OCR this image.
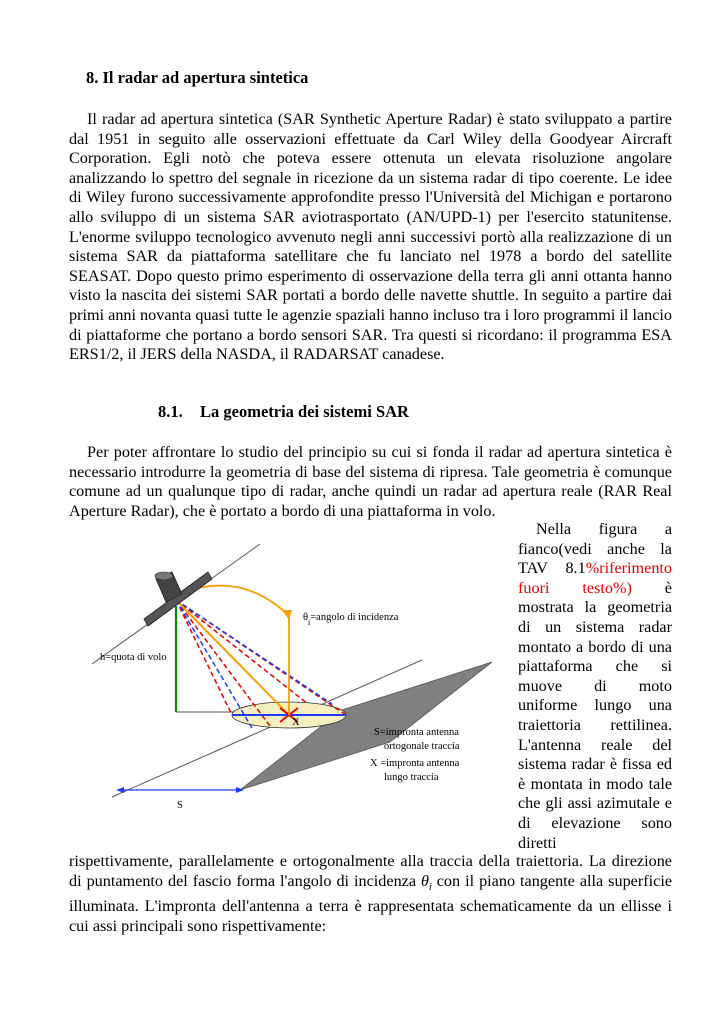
8. Il radar ad apertura sintetica

Il radar ad apertura sintetica (SAR Synthetic Aperture Radar) è stato sviluppato a partire dal 1951 in seguito alle osservazioni effettuate da Carl Wiley della Goodyear Aircraft Corporation. Egli notò che poteva essere ottenuta un elevata risoluzione angolare analizzando lo spettro del segnale in ricezione da un sistema radar di tipo coerente. Le idee di Wiley furono successivamente approfondite presso l'Università del Michigan e portarono allo sviluppo di un sistema SAR aviotrasportato (AN/UPD-1) per l'esercito statunitense. L'enorme sviluppo tecnologico avvenuto negli anni successivi portò alla realizzazione di un sistema SAR da piattaforma satellitare che fu lanciato nel 1978 a bordo del satellite SEASAT. Dopo questo primo esperimento di osservazione della terra gli anni ottanta hanno visto la nascita dei sistemi SAR portati a bordo delle navette shuttle. In seguito a partire dai primi anni novanta quasi tutte le agenzie spaziali hanno incluso tra i loro programmi il lancio di piattaforme che portano a bordo sensori SAR. Tra questi si ricordano: il programma ESA ERS1/2, il JERS della NASDA, il RADARSAT canadese.

8.1. La geometria dei sistemi SAR

Per poter affrontare lo studio del principio su cui si fonda il radar ad apertura sintetica è necessario introdurre la geometria di base del sistema di ripresa. Tale geometria è comunque comune ad un qualunque tipo di radar, anche quindi un radar ad apertura reale (RAR Real Aperture Radar), che è portato a bordo di una piattaforma in volo.

Nella figura a fianco(vedi anche la TAV 8.1%riferimento fuori testo%) è mostrata la geometria di un sistema radar montato a bordo di una piattaforma che si muove di moto uniforme lungo una traiettoria rettilinea. L'antenna reale del sistema radar è fissa ed è montata in modo tale che gli assi azimutale e di elevazione sono diretti

$\theta_i=angolo$ di incidenza
h=quota di volo
X
S=impronta antenna
ortogonale traccia
X =impronta antenna
lungo traccia
S

rispettivamente, parallelamente e ortogonalmente alla traccia della traiettoria. La direzione di puntamento del fascio forma l'angolo di incidenza $\theta_i$ con il piano tangente alla superficie illuminata. L'impronta dell'antenna a terra è rappresentata schematicamente da un ellisse i cui assi principali sono rispettivamente:
